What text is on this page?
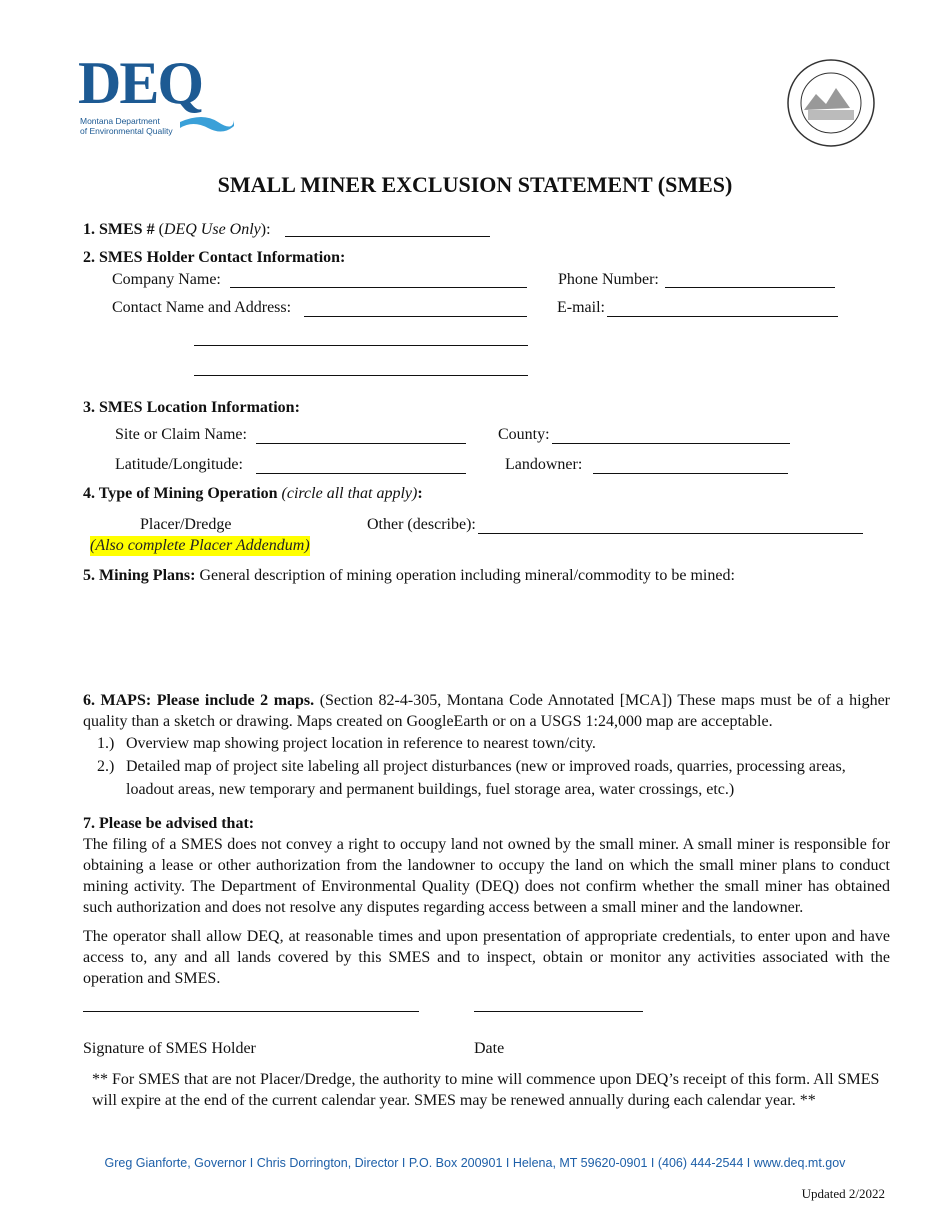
DEQ
Montana Department
of Environmental Quality
SMALL MINER EXCLUSION STATEMENT (SMES)
1. SMES # (DEQ Use Only):
2. SMES Holder Contact Information:
Company Name:	Phone Number:
Contact Name and Address:	E-mail:
3. SMES Location Information:
Site or Claim Name:	County:
Latitude/Longitude:	Landowner:
4. Type of Mining Operation (circle all that apply):
Placer/Dredge
(Also complete Placer Addendum)
Other (describe):
5. Mining Plans: General description of mining operation including mineral/commodity to be mined:

6. MAPS: Please include 2 maps. (Section 82-4-305, Montana Code Annotated [MCA]) These maps must be of a higher quality than a sketch or drawing. Maps created on GoogleEarth or on a USGS 1:24,000 map are acceptable.

1.) Overview map showing project location in reference to nearest town/city.
2.) Detailed map of project site labeling all project disturbances (new or improved roads, quarries, processing areas, loadout areas, new temporary and permanent buildings, fuel storage area, water crossings, etc.)

7. Please be advised that:

The filing of a SMES does not convey a right to occupy land not owned by the small miner. A small miner is responsible for obtaining a lease or other authorization from the landowner to occupy the land on which the small miner plans to conduct mining activity. The Department of Environmental Quality (DEQ) does not confirm whether the small miner has obtained such authorization and does not resolve any disputes regarding access between a small miner and the landowner.

The operator shall allow DEQ, at reasonable times and upon presentation of appropriate credentials, to enter upon and have access to, any and all lands covered by this SMES and to inspect, obtain or monitor any activities associated with the operation and SMES.

Signature of SMES Holder	Date

** For SMES that are not Placer/Dredge, the authority to mine will commence upon DEQ’s receipt of this form. All SMES will expire at the end of the current calendar year. SMES may be renewed annually during each calendar year. **

Greg Gianforte, Governor I Chris Dorrington, Director I P.O. Box 200901 I Helena, MT 59620-0901 I (406) 444-2544 I www.deq.mt.gov
Updated 2/2022
